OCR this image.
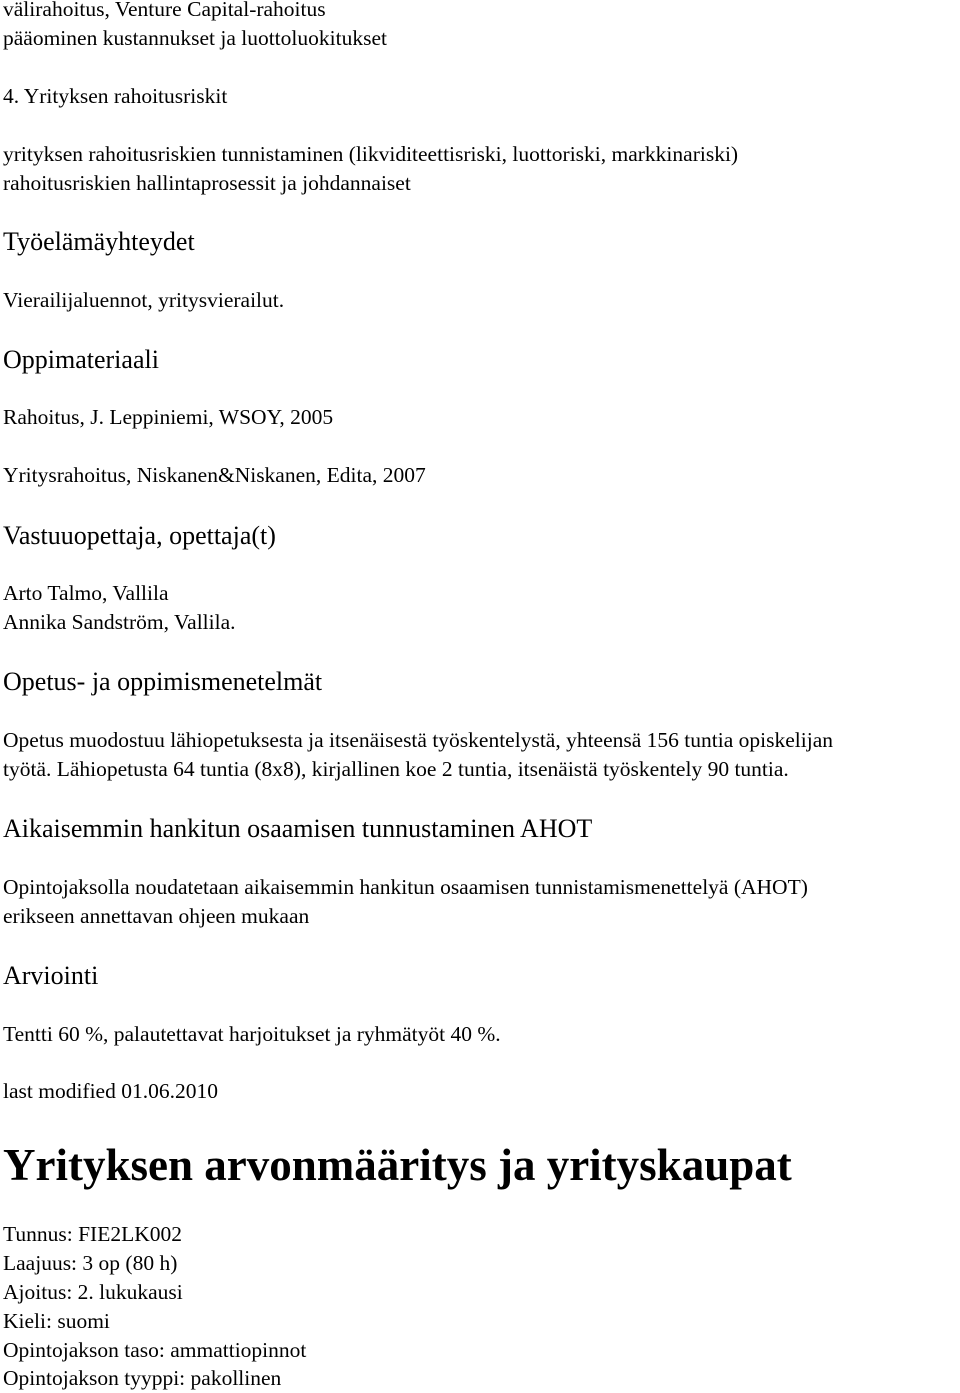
välirahoitus, Venture Capital-rahoitus
pääominen kustannukset ja luottoluokitukset
4. Yrityksen rahoitusriskit
yrityksen rahoitusriskien tunnistaminen (likviditeettisriski, luottoriski, markkinariski)
rahoitusriskien hallintaprosessit ja johdannaiset
Työelämäyhteydet
Vierailijaluennot, yritysvierailut.
Oppimateriaali
Rahoitus, J. Leppiniemi, WSOY, 2005
Yritysrahoitus, Niskanen&Niskanen, Edita, 2007
Vastuuopettaja, opettaja(t)
Arto Talmo, Vallila
Annika Sandström, Vallila.
Opetus- ja oppimismenetelmät
Opetus muodostuu lähiopetuksesta ja itsenäisestä työskentelystä, yhteensä 156 tuntia opiskelijan
työtä. Lähiopetusta 64 tuntia (8x8), kirjallinen koe 2 tuntia, itsenäistä työskentely 90 tuntia.
Aikaisemmin hankitun osaamisen tunnustaminen AHOT
Opintojaksolla noudatetaan aikaisemmin hankitun osaamisen tunnistamismenettelyä (AHOT)
erikseen annettavan ohjeen mukaan
Arviointi
Tentti 60 %, palautettavat harjoitukset ja ryhmätyöt 40 %.
last modified 01.06.2010
Yrityksen arvonmääritys ja yrityskaupat
Tunnus: FIE2LK002
Laajuus: 3 op (80 h)
Ajoitus: 2. lukukausi
Kieli: suomi
Opintojakson taso: ammattiopinnot
Opintojakson tyyppi: pakollinen
